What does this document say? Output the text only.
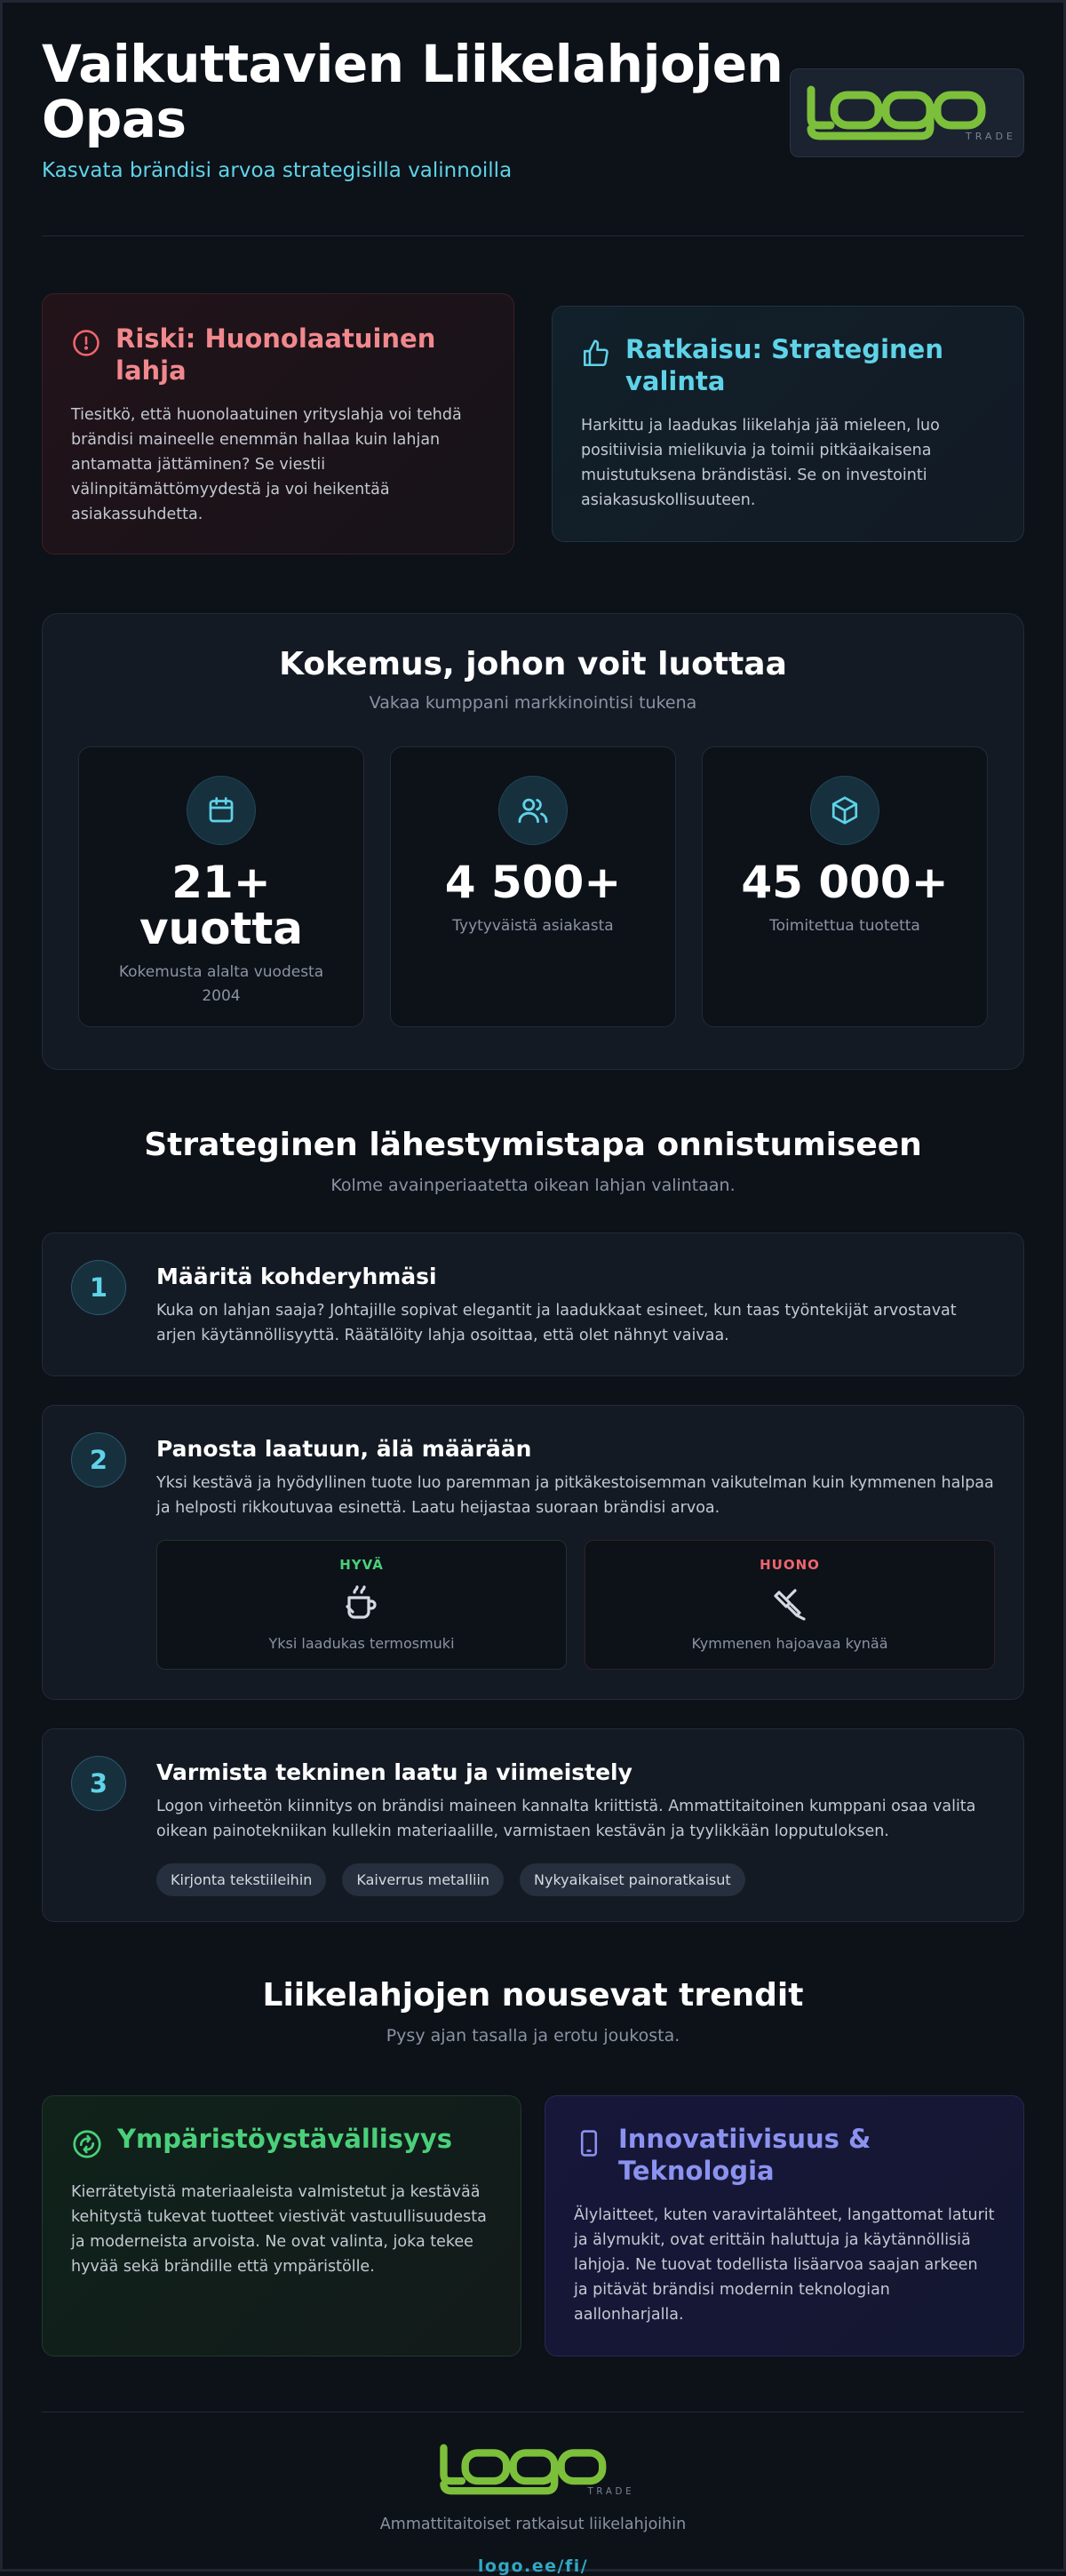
Vaikuttavien Liikelahjojen Opas
Kasvata brändisi arvoa strategisilla valinnoilla
TRADE
Riski: Huonolaatuinen lahja

Tiesitkö, että huonolaatuinen yrityslahja voi tehdä brändisi maineelle enemmän hallaa kuin lahjan antamatta jättäminen? Se viestii välinpitämättömyydestä ja voi heikentää asiakassuhdetta.

Ratkaisu: Strateginen valinta

Harkittu ja laadukas liikelahja jää mieleen, luo positiivisia mielikuvia ja toimii pitkäaikaisena muistutuksena brändistäsi. Se on investointi asiakasuskollisuuteen.

Kokemus, johon voit luottaa
Vakaa kumppani markkinointisi tukena
21+ vuotta
Kokemusta alalta vuodesta 2004
4 500+
Tyytyväistä asiakasta
45 000+
Toimitettua tuotetta
Strateginen lähestymistapa onnistumiseen
Kolme avainperiaatetta oikean lahjan valintaan.
1	Määritä kohderyhmäsi

Kuka on lahjan saaja? Johtajille sopivat elegantit ja laadukkaat esineet, kun taas työntekijät arvostavat arjen käytännöllisyyttä. Räätälöity lahja osoittaa, että olet nähnyt vaivaa.

2	Panosta laatuun, älä määrään

Yksi kestävä ja hyödyllinen tuote luo paremman ja pitkäkestoisemman vaikutelman kuin kymmenen halpaa ja helposti rikkoutuvaa esinettä. Laatu heijastaa suoraan brändisi arvoa.

HYVÄ
Yksi laadukas termosmuki
HUONO
Kymmenen hajoavaa kynää
3	Varmista tekninen laatu ja viimeistely

Logon virheetön kiinnitys on brändisi maineen kannalta kriittistä. Ammattitaitoinen kumppani osaa valita oikean painotekniikan kullekin materiaalille, varmistaen kestävän ja tyylikkään lopputuloksen.

Kirjonta tekstiileihin	Kaiverrus metalliin	Nykyaikaiset painoratkaisut
Liikelahjojen nousevat trendit
Pysy ajan tasalla ja erotu joukosta.
Ympäristöystävällisyys

Kierrätetyistä materiaaleista valmistetut ja kestävää kehitystä tukevat tuotteet viestivät vastuullisuudesta ja moderneista arvoista. Ne ovat valinta, joka tekee hyvää sekä brändille että ympäristölle.

Innovatiivisuus & Teknologia

Älylaitteet, kuten varavirtalähteet, langattomat laturit ja älymukit, ovat erittäin haluttuja ja käytännöllisiä lahjoja. Ne tuovat todellista lisäarvoa saajan arkeen ja pitävät brändisi modernin teknologian aallonharjalla.

TRADE
Ammattitaitoiset ratkaisut liikelahjoihin
logo.ee/fi/
